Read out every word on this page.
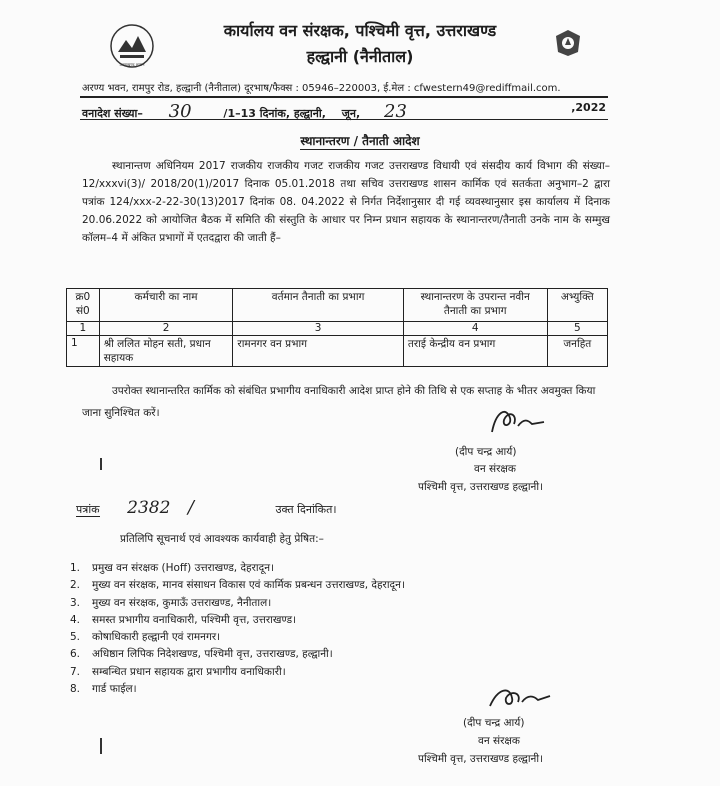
उत्तराखण्ड शासन
कार्यालय वन संरक्षक, पश्चिमी वृत्त, उत्तराखण्ड
हल्द्वानी (नैनीताल)
अरण्य भवन, रामपुर रोड, हल्द्वानी (नैनीताल) दूरभाष/फैक्स : 05946–220003, ई.मेल : cfwestern49@rediffmail.com.
वनादेश संख्या– 30	/1–13 दिनांक, हल्द्वानी, जून, 23	,2022
स्थानान्तरण / तैनाती आदेश
स्थानान्तण अधिनियम 2017 राजकीय राजकीय गजट राजकीय गजट उत्तराखण्ड विधायी एवं संसदीय कार्य विभाग की संख्या–12/xxxvi(3)/ 2018/20(1)/2017 दिनाक 05.01.2018 तथा सचिव उत्तराखण्ड शासन कार्मिक एवं सतर्कता अनुभाग–2 द्वारा पत्रांक 124/xxx-2-22-30(13)2017 दिनांक 08. 04.2022 से निर्गत निर्देशानुसार दी गई व्यवस्थानुसार इस कार्यालय में दिनाक 20.06.2022 को आयोजित बैठक में समिति की संस्तुति के आधार पर निम्न प्रधान सहायक के स्थानान्तरण/तैनाती उनके नाम के सम्मुख कॉलम–4 में अंकित प्रभागों में एतदद्वारा की जाती हैं–
क्र0 सं0	कर्मचारी का नाम	वर्तमान तैनाती का प्रभाग	स्थानान्तरण के उपरान्त नवीन तैनाती का प्रभाग	अभ्युक्ति
1	2	3	4	5
1	श्री ललित मोहन सती, प्रधान सहायक	रामनगर वन प्रभाग	तराई केन्द्रीय वन प्रभाग	जनहित
उपरोक्त स्थानान्तरित कार्मिक को संबंधित प्रभागीय वनाधिकारी आदेश प्राप्त होने की तिथि से एक सप्ताह के भीतर अवमुक्त किया जाना सुनिश्चित करें।
(दीप चन्द्र आर्य)
वन संरक्षक
पश्चिमी वृत्त, उत्तराखण्ड हल्द्वानी।
पत्रांक 2382 /	उक्त दिनांकित।
प्रतिलिपि सूचनार्थ एवं आवश्यक कार्यवाही हेतु प्रेषित:–
1. प्रमुख वन संरक्षक (Hoff) उत्तराखण्ड, देहरादून।
2. मुख्य वन संरक्षक, मानव संसाधन विकास एवं कार्मिक प्रबन्धन उत्तराखण्ड, देहरादून।
3. मुख्य वन संरक्षक, कुमाऊँ उत्तराखण्ड, नैनीताल।
4. समस्त प्रभागीय वनाधिकारी, पश्चिमी वृत्त, उत्तराखण्ड।
5. कोषाधिकारी हल्द्वानी एवं रामनगर।
6. अधिष्ठान लिपिक निदेशखण्ड, पश्चिमी वृत्त, उत्तराखण्ड, हल्द्वानी।
7. सम्बन्धित प्रधान सहायक द्वारा प्रभागीय वनाधिकारी।
8. गार्ड फाईल।
(दीप चन्द्र आर्य)
वन संरक्षक
पश्चिमी वृत्त, उत्तराखण्ड हल्द्वानी।
